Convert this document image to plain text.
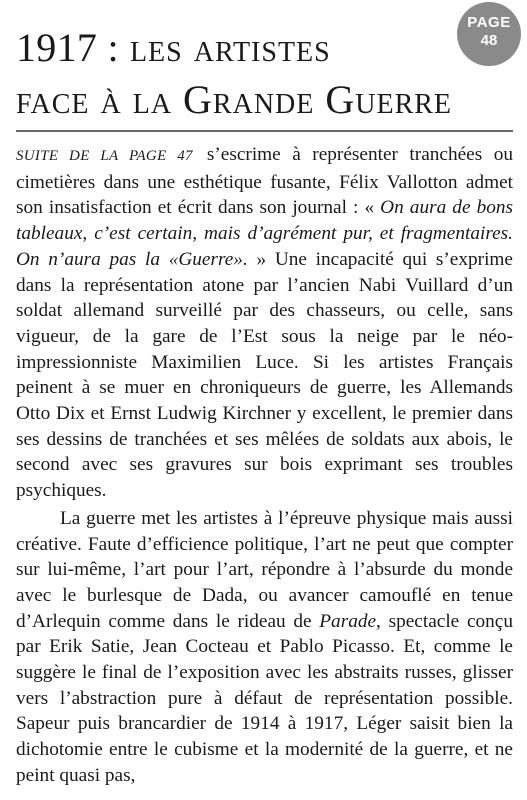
PAGE
48
1917 : les artistes
face à la Grande Guerre

SUITE DE LA PAGE 47 s’escrime à représenter tranchées ou cimetières dans une esthétique fusante, Félix Vallotton admet son insatisfaction et écrit dans son journal : « On aura de bons tableaux, c’est certain, mais d’agrément pur, et fragmentaires. On n’aura pas la «Guerre». » Une incapacité qui s’exprime dans la représentation atone par l’ancien Nabi Vuillard d’un soldat allemand surveillé par des chasseurs, ou celle, sans vigueur, de la gare de l’Est sous la neige par le néo-impressionniste Maximilien Luce. Si les artistes Français peinent à se muer en chroniqueurs de guerre, les Allemands Otto Dix et Ernst Ludwig Kirchner y excellent, le premier dans ses dessins de tranchées et ses mêlées de soldats aux abois, le second avec ses gravures sur bois exprimant ses troubles psychiques.

La guerre met les artistes à l’épreuve physique mais aussi créative. Faute d’efficience politique, l’art ne peut que compter sur lui-même, l’art pour l’art, répondre à l’absurde du monde avec le burlesque de Dada, ou avancer camouflé en tenue d’Arlequin comme dans le rideau de Parade, spectacle conçu par Erik Satie, Jean Cocteau et Pablo Picasso. Et, comme le suggère le final de l’exposition avec les abstraits russes, glisser vers l’abstraction pure à défaut de représentation possible. Sapeur puis brancardier de 1914 à 1917, Léger saisit bien la dichotomie entre le cubisme et la modernité de la guerre, et ne peint quasi pas,
